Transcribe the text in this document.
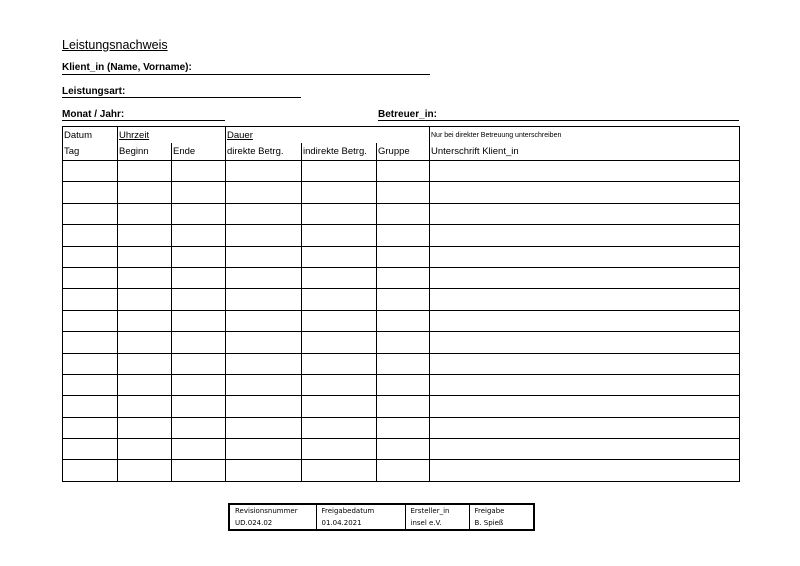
Leistungsnachweis
Klient_in (Name, Vorname):
Leistungsart:
Monat / Jahr:	Betreuer_in:
Datum	Uhrzeit		Dauer			Nur bei direkter Betreuung unterschreiben
Tag	Beginn	Ende	direkte Betrg.	indirekte Betrg.	Gruppe	Unterschrift Klient_in

Revisionsnummer	Freigabedatum	Ersteller_in	Freigabe
UD.024.02	01.04.2021	insel e.V.	B. Spieß
